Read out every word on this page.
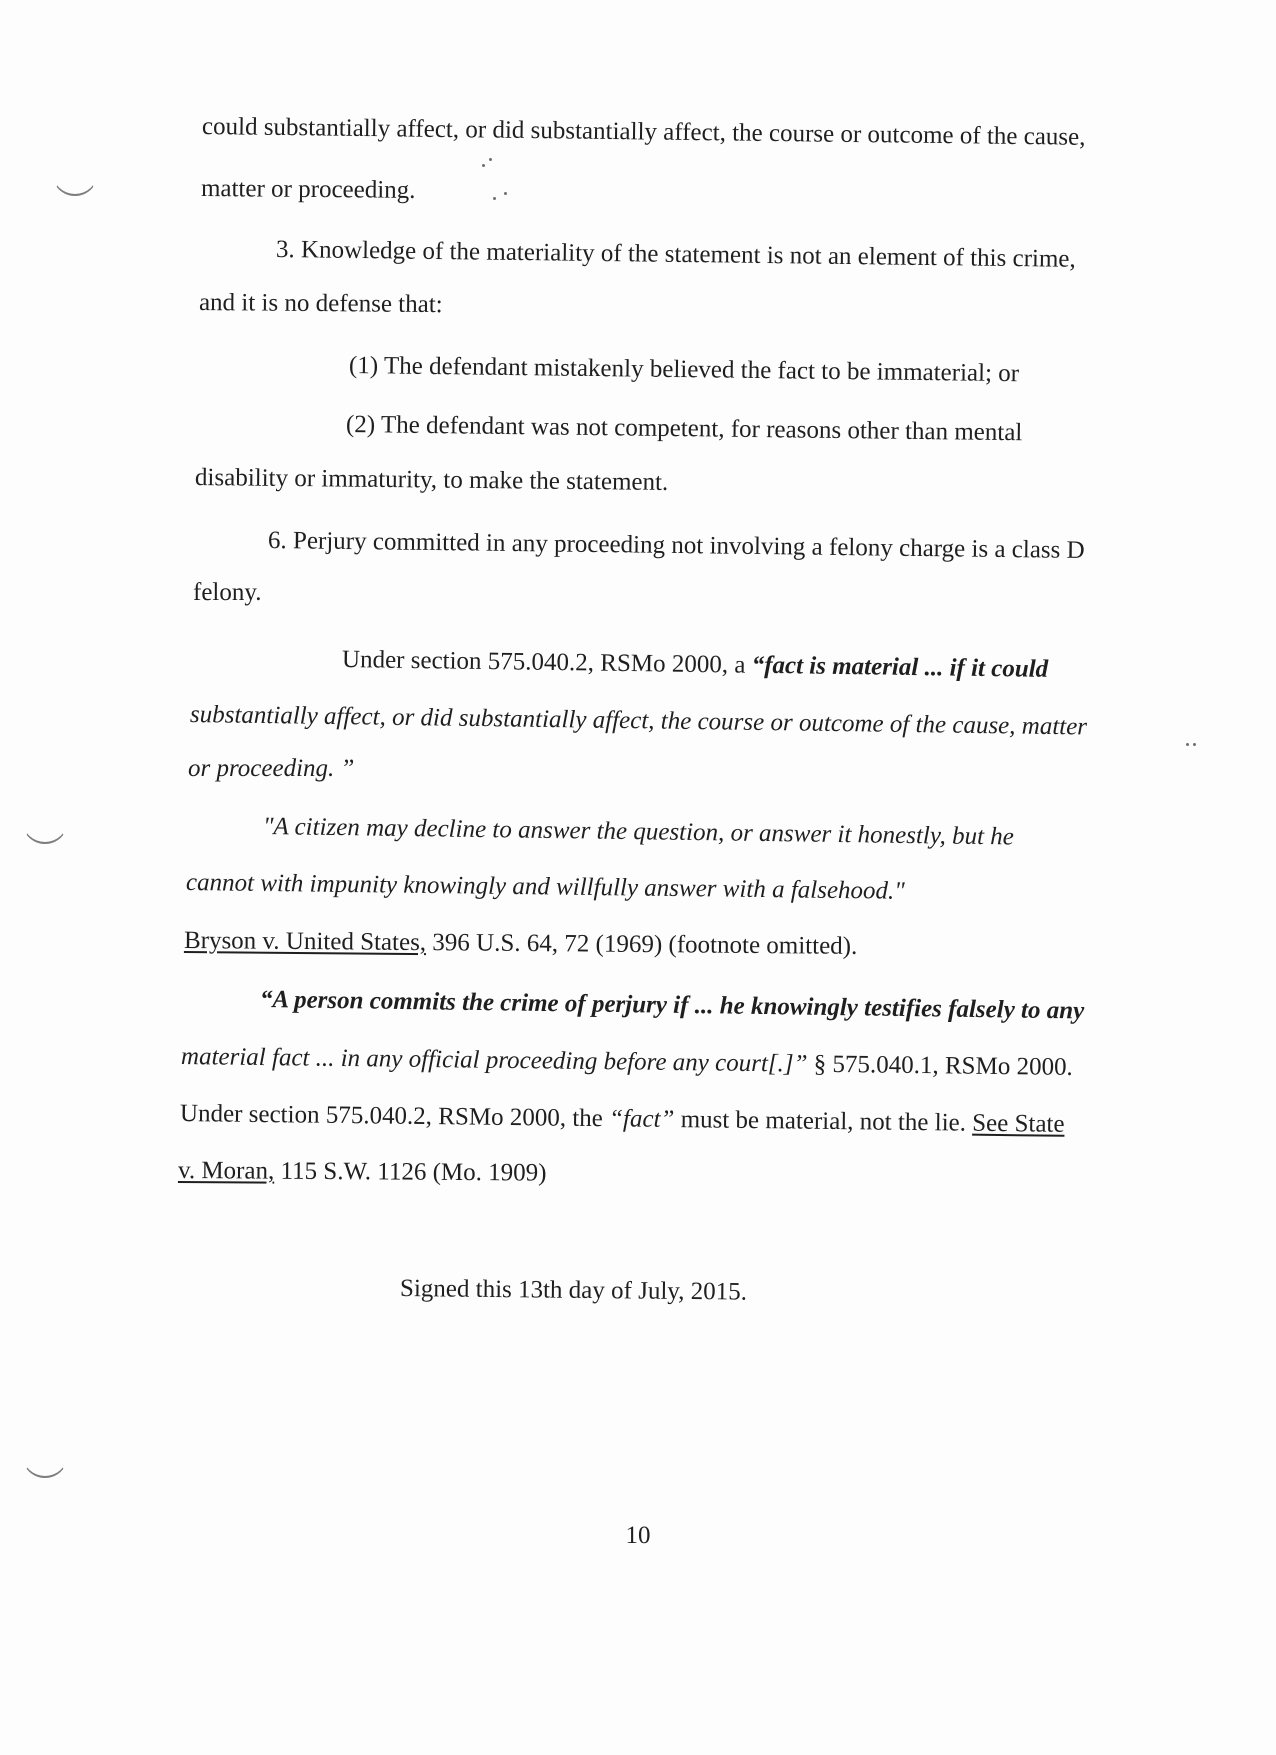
could substantially affect, or did substantially affect, the course or outcome of the cause,
matter or proceeding.
3. Knowledge of the materiality of the statement is not an element of this crime,
and it is no defense that:
(1) The defendant mistakenly believed the fact to be immaterial; or
(2) The defendant was not competent, for reasons other than mental
disability or immaturity, to make the statement.
6. Perjury committed in any proceeding not involving a felony charge is a class D
felony.
Under section 575.040.2, RSMo 2000, a “fact is material ... if it could
substantially affect, or did substantially affect, the course or outcome of the cause, matter
or proceeding. ”
"A citizen may decline to answer the question, or answer it honestly, but he
cannot with impunity knowingly and willfully answer with a falsehood."
Bryson v. United States, 396 U.S. 64, 72 (1969) (footnote omitted).
“A person commits the crime of perjury if ... he knowingly testifies falsely to any
material fact ... in any official proceeding before any court[.]” § 575.040.1, RSMo 2000.
Under section 575.040.2, RSMo 2000, the “fact” must be material, not the lie. See State
v. Moran, 115 S.W. 1126 (Mo. 1909)
Signed this 13th day of July, 2015.
10
